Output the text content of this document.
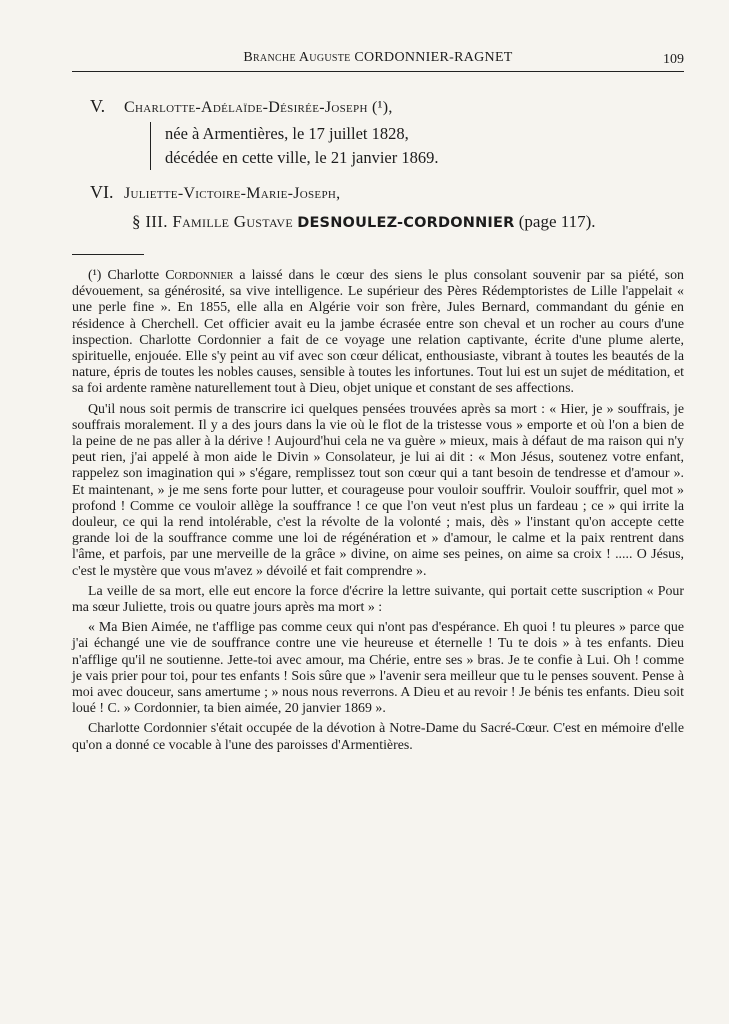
Branche Auguste CORDONNIER-RAGNET	109
V. Charlotte-Adélaïde-Désirée-Joseph (¹),
née à Armentières, le 17 juillet 1828,
décédée en cette ville, le 21 janvier 1869.
VI. Juliette-Victoire-Marie-Joseph,
§ III. Famille Gustave DESNOULEZ-CORDONNIER (page 117).

(¹) Charlotte Cordonnier a laissé dans le cœur des siens le plus consolant souvenir par sa piété, son dévouement, sa générosité, sa vive intelligence. Le supérieur des Pères Rédemptoristes de Lille l'appelait « une perle fine ». En 1855, elle alla en Algérie voir son frère, Jules Bernard, commandant du génie en résidence à Cherchell. Cet officier avait eu la jambe écrasée entre son cheval et un rocher au cours d'une inspection. Charlotte Cordonnier a fait de ce voyage une relation captivante, écrite d'une plume alerte, spirituelle, enjouée. Elle s'y peint au vif avec son cœur délicat, enthousiaste, vibrant à toutes les beautés de la nature, épris de toutes les nobles causes, sensible à toutes les infortunes. Tout lui est un sujet de méditation, et sa foi ardente ramène naturellement tout à Dieu, objet unique et constant de ses affections.

Qu'il nous soit permis de transcrire ici quelques pensées trouvées après sa mort : « Hier, je » souffrais, je souffrais moralement. Il y a des jours dans la vie où le flot de la tristesse vous » emporte et où l'on a bien de la peine de ne pas aller à la dérive ! Aujourd'hui cela ne va guère » mieux, mais à défaut de ma raison qui n'y peut rien, j'ai appelé à mon aide le Divin » Consolateur, je lui ai dit : « Mon Jésus, soutenez votre enfant, rappelez son imagination qui » s'égare, remplissez tout son cœur qui a tant besoin de tendresse et d'amour ». Et maintenant, » je me sens forte pour lutter, et courageuse pour vouloir souffrir. Vouloir souffrir, quel mot » profond ! Comme ce vouloir allège la souffrance ! ce que l'on veut n'est plus un fardeau ; ce » qui irrite la douleur, ce qui la rend intolérable, c'est la révolte de la volonté ; mais, dès » l'instant qu'on accepte cette grande loi de la souffrance comme une loi de régénération et » d'amour, le calme et la paix rentrent dans l'âme, et parfois, par une merveille de la grâce » divine, on aime ses peines, on aime sa croix ! ..... O Jésus, c'est le mystère que vous m'avez » dévoilé et fait comprendre ».

La veille de sa mort, elle eut encore la force d'écrire la lettre suivante, qui portait cette suscription « Pour ma sœur Juliette, trois ou quatre jours après ma mort » :

« Ma Bien Aimée, ne t'afflige pas comme ceux qui n'ont pas d'espérance. Eh quoi ! tu pleures » parce que j'ai échangé une vie de souffrance contre une vie heureuse et éternelle ! Tu te dois » à tes enfants. Dieu n'afflige qu'il ne soutienne. Jette-toi avec amour, ma Chérie, entre ses » bras. Je te confie à Lui. Oh ! comme je vais prier pour toi, pour tes enfants ! Sois sûre que » l'avenir sera meilleur que tu le penses souvent. Pense à moi avec douceur, sans amertume ; » nous nous reverrons. A Dieu et au revoir ! Je bénis tes enfants. Dieu soit loué ! C. » Cordonnier, ta bien aimée, 20 janvier 1869 ».

Charlotte Cordonnier s'était occupée de la dévotion à Notre-Dame du Sacré-Cœur. C'est en mémoire d'elle qu'on a donné ce vocable à l'une des paroisses d'Armentières.
